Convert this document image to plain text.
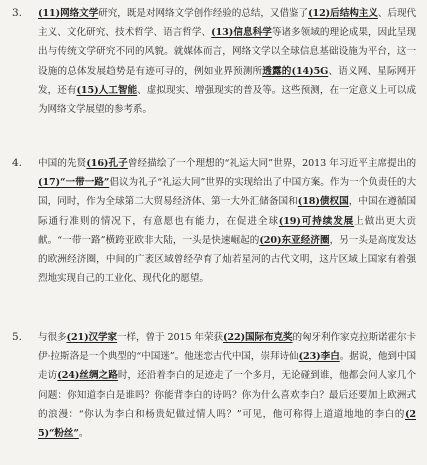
3. (11)网络文学研究，既是对网络文学创作经验的总结，又借鉴了(12)后结构主义、后现代主义、文化研究、技术哲学、语言哲学、(13)信息科学等诸多领域的理论成果，因此呈现出与传统文学研究不同的风貌。就媒体而言，网络文学以全球信息基础设施为平台，这一设施的总体发展趋势是有迹可寻的，例如业界预测所透露的(14)5G、语义网、星际网开发，还有(15)人工智能、虚拟现实、增强现实的普及等。这些预测，在一定意义上可以成为网络文学展望的参考系。
4. 中国的先贤(16)孔子曾经描绘了一个理想的“礼运大同”世界，2013 年习近平主席提出的(17)“一带一路”倡议为礼子“礼运大同”世界的实现给出了中国方案。作为一个负责任的大国，同时，作为全球第二大贸易经济体、第一大外汇储备国和(18)债权国，中国在遵循国际通行准则的情况下，有意愿也有能力，在促进全球(19)可持续发展上做出更大贡献。“一带一路”横跨亚欧非大陆，一头是快速崛起的(20)东亚经济圈，另一头是高度发达的欧洲经济圈，中间的广袤区域曾经孕育了灿若星河的古代文明，这片区域上国家有着强烈地实现自己的工业化、现代化的愿望。
5. 与很多(21)汉学家一样，曾于 2015 年荣获(22)国际布克奖的匈牙利作家克拉斯诺霍尔卡伊·拉斯洛是一个典型的“中国迷”。他迷恋古代中国，崇拜诗仙(23)李白。据说，他到中国走访(24)丝绸之路时，还沿着李白的足迹走了一个多月，无论碰到谁，他都会问人家几个问题：你知道李白是谁吗？你能背李白的诗吗？你为什么喜欢李白？最后还要加上欧洲式的浪漫：“你认为李白和杨贵妃做过情人吗？”可见，他可称得上道道地地的李白的(25)“粉丝”。
